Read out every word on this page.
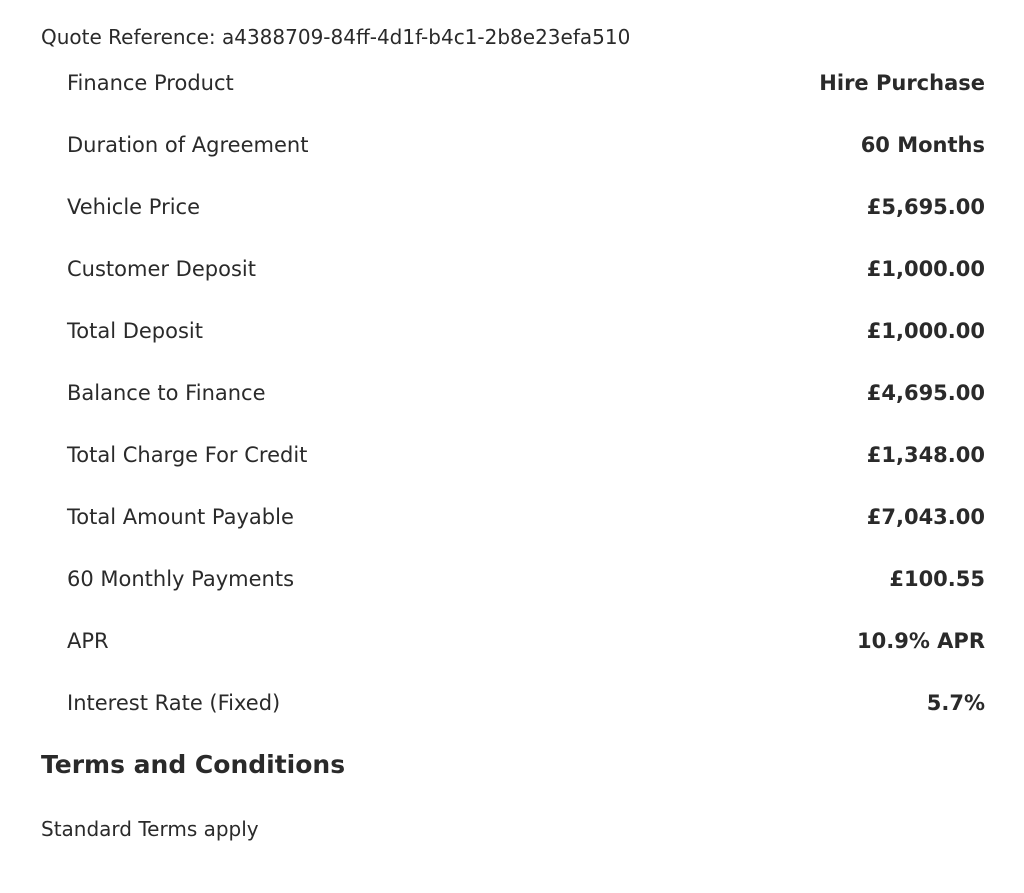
Quote Reference: a4388709-84ff-4d1f-b4c1-2b8e23efa510
Finance Product	Hire Purchase
Duration of Agreement	60 Months
Vehicle Price	£5,695.00
Customer Deposit	£1,000.00
Total Deposit	£1,000.00
Balance to Finance	£4,695.00
Total Charge For Credit	£1,348.00
Total Amount Payable	£7,043.00
60 Monthly Payments	£100.55
APR	10.9% APR
Interest Rate (Fixed)	5.7%
Terms and Conditions

Standard Terms apply
